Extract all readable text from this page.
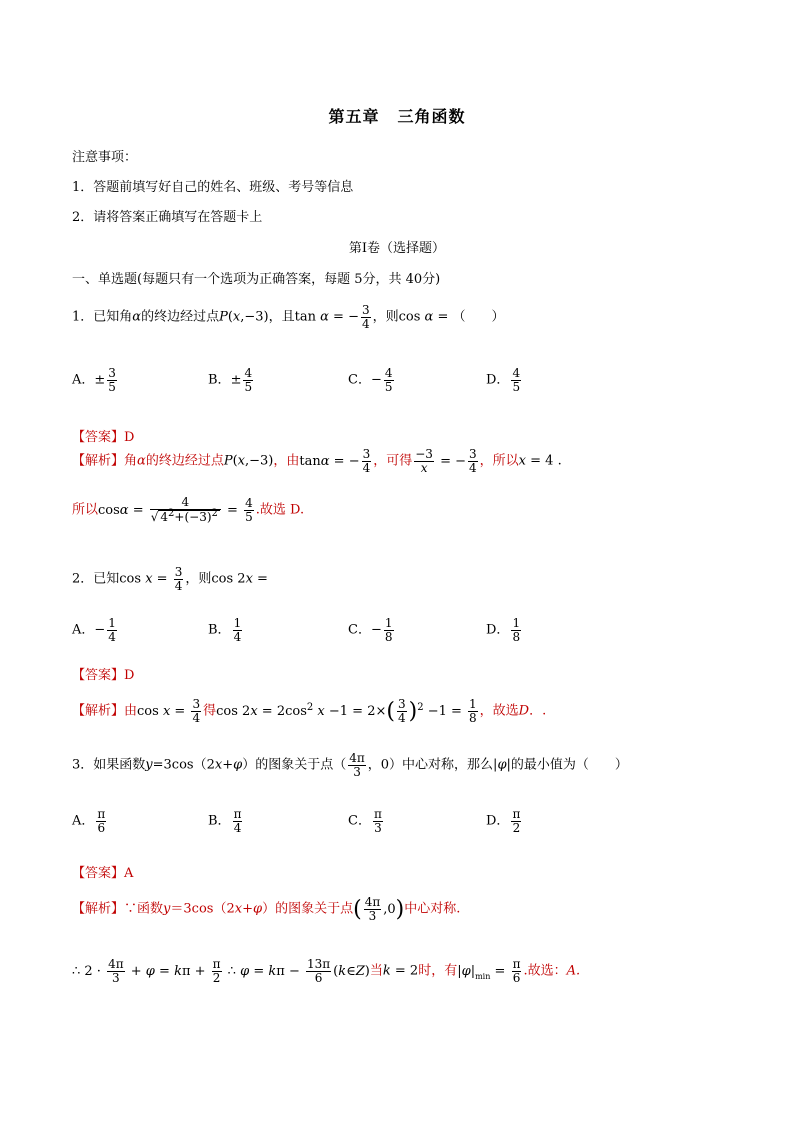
第五章 三角函数
注意事项：
1．答题前填写好自己的姓名、班级、考号等信息
2．请将答案正确填写在答题卡上
第I卷（选择题）
一、单选题(每题只有一个选项为正确答案，每题 5分，共 40分)
1．已知角α的终边经过点P(x,−3)，且tan α = − $\frac{3}{4}$ ，则cos α = （　　）
A．± $\frac{3}{5}$	B．± $\frac{4}{5}$	C．− $\frac{4}{5}$	D． $\frac{4}{5}$
【答案】D
【解析】角α的终边经过点P(x,−3)，由tanα = − $\frac{3}{4}$ ，可得 $\frac{-3}{x}$ = − $\frac{3}{4}$ ，所以x = 4 .
所以$\cos\alpha = \frac{4}{√ 4^2+(-3)^2} = \frac{4}{5}$ .故选 D.
2．已知$\cos x = \frac{3}{4}$ ，则cos 2x =
A．− $\frac{1}{4}$	B． $\frac{1}{4}$	C．− $\frac{1}{8}$	D． $\frac{1}{8}$
【答案】D
【解析】由$\cos x = \frac{3}{4}$ 得$\cos 2x = 2\cos^2$ $x -1 = 2\times( \frac{3}{4} )^2 -1 = \frac{1}{8}$ ，故选D．.
3．如果函数y=3cos（2x+φ）的图象关于点（ $\frac{4\pi}{3}$ ，0）中心对称，那么|φ|的最小值为（　　）
A． $\frac{\pi}{6}$	B． $\frac{\pi}{4}$	C． $\frac{\pi}{3}$	D． $\frac{\pi}{2}$
【答案】A
【解析】∵函数y＝3cos（2x+φ）的图象关于点( $\frac{4\pi}{3} ,0$)中心对称.
∴ $2 \cdot \frac{4\pi}{3} + \varphi = k\pi + \frac{\pi}{2}$ ∴ $\varphi = k\pi - \frac{13\pi}{6}$ (k∈Z)当k = 2时，有$|\varphi|_{min} = \frac{\pi}{6}$ .故选：A.
